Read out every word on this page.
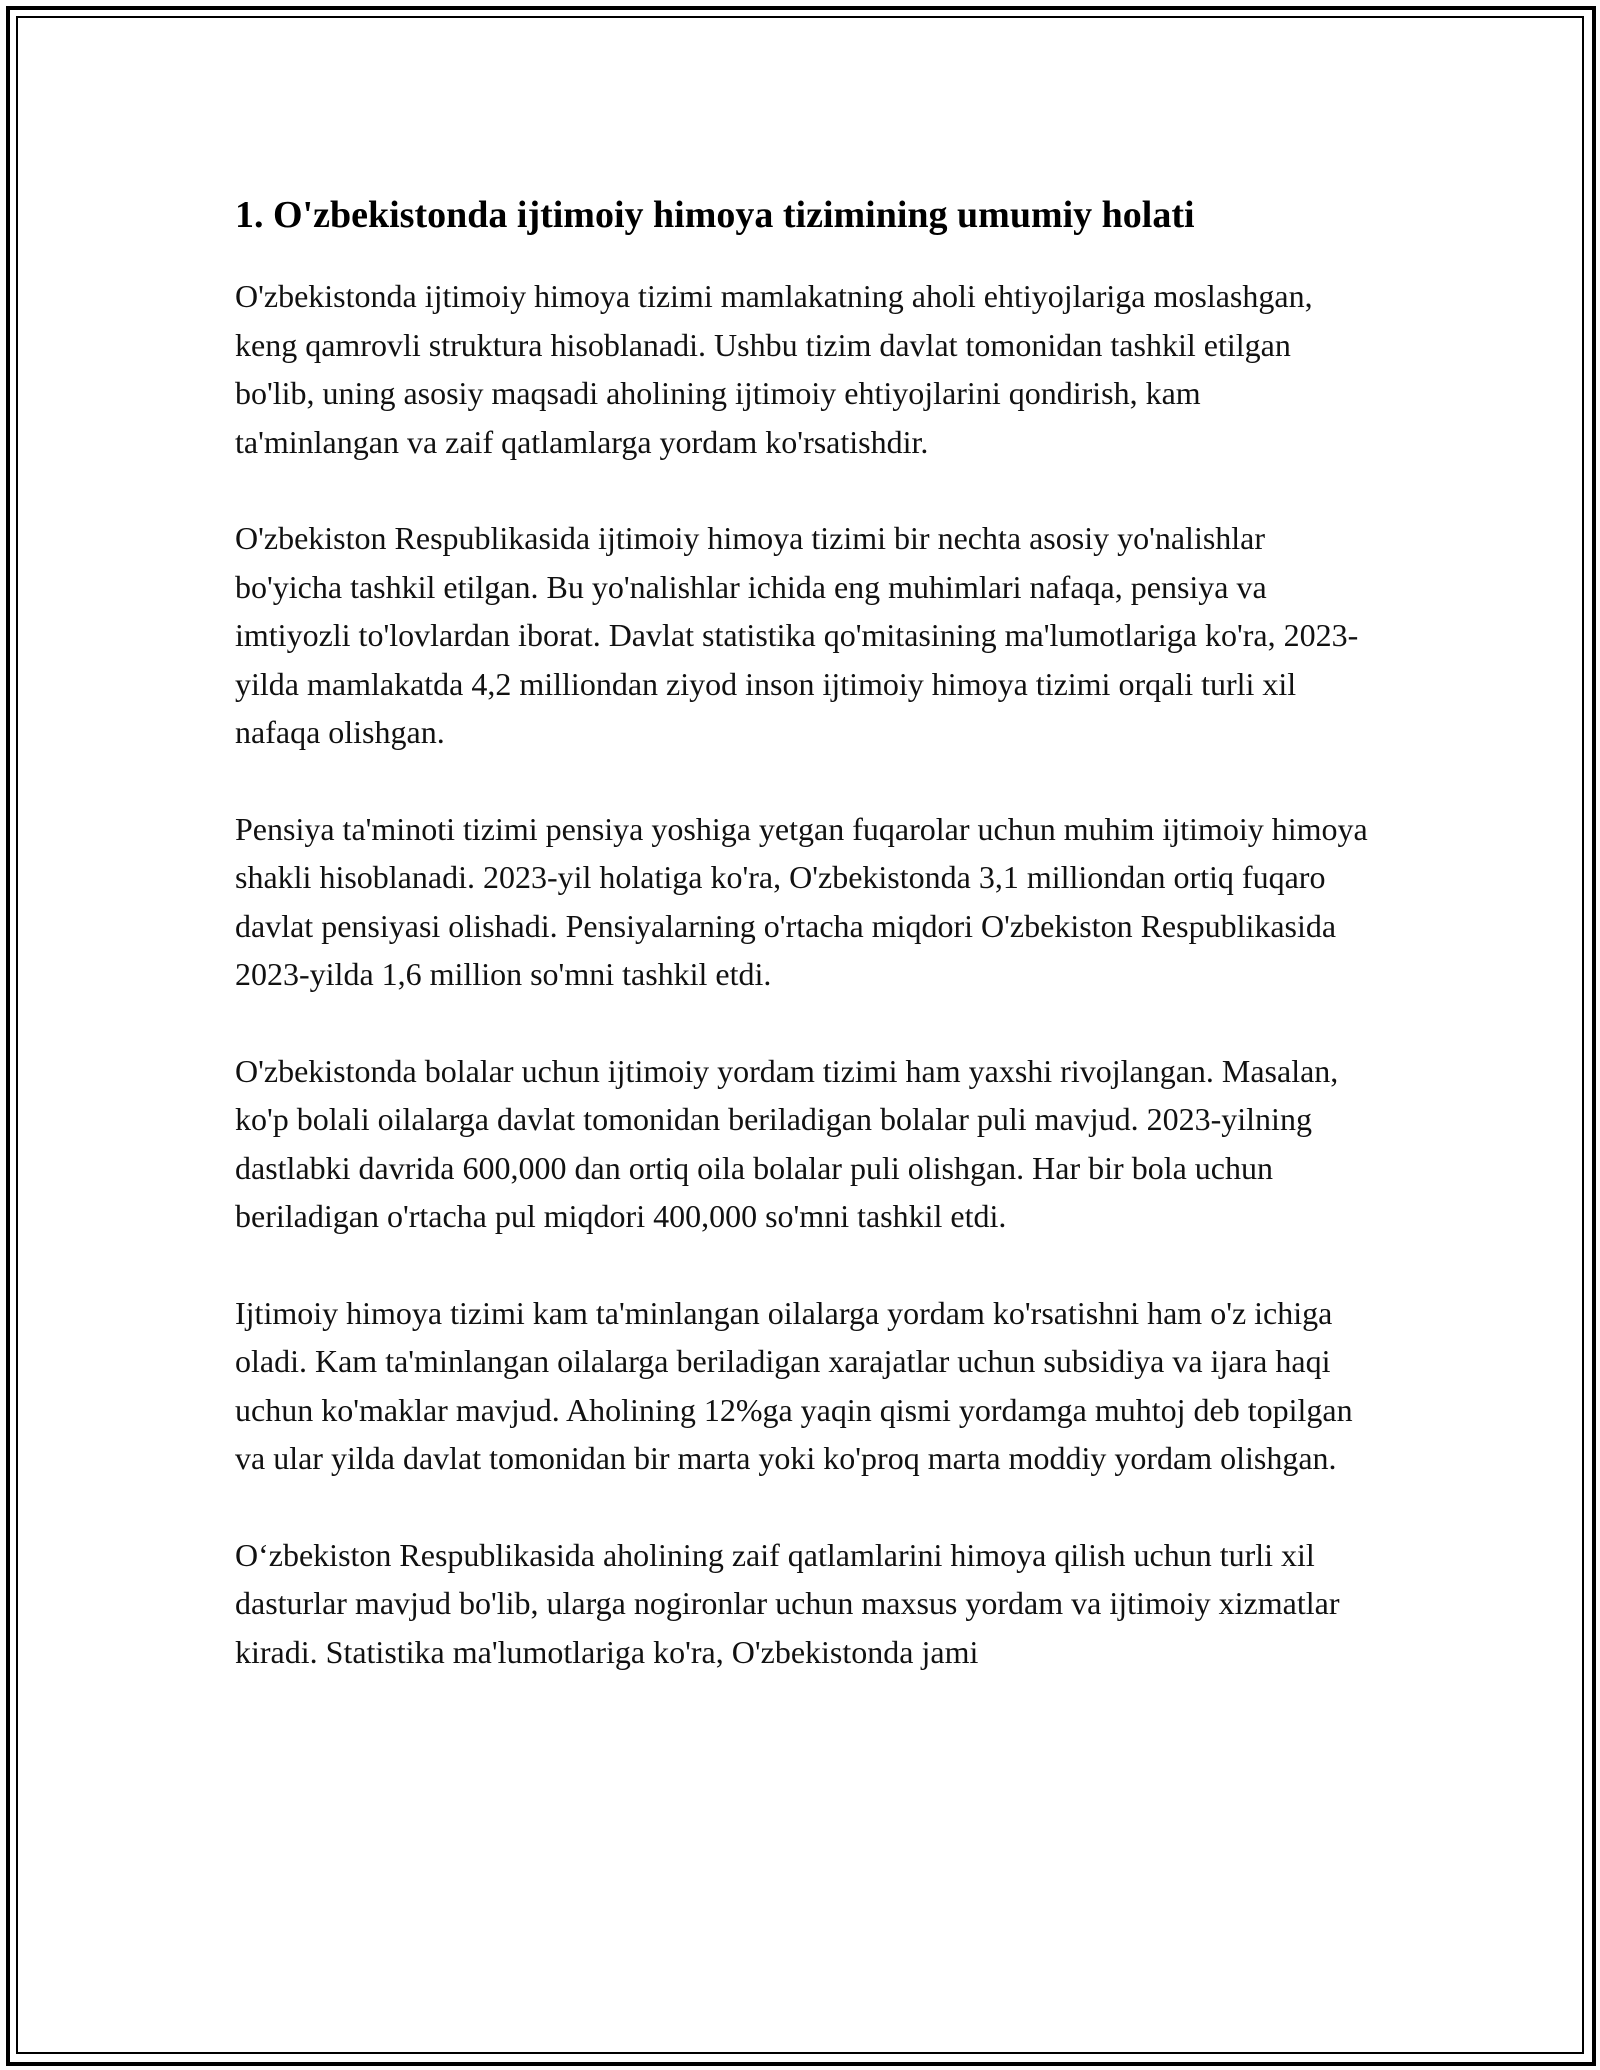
1. O'zbekistonda ijtimoiy himoya tizimining umumiy holati

O'zbekistonda ijtimoiy himoya tizimi mamlakatning aholi ehtiyojlariga moslashgan, keng qamrovli struktura hisoblanadi. Ushbu tizim davlat tomonidan tashkil etilgan bo'lib, uning asosiy maqsadi aholining ijtimoiy ehtiyojlarini qondirish, kam ta'minlangan va zaif qatlamlarga yordam ko'rsatishdir.

O'zbekiston Respublikasida ijtimoiy himoya tizimi bir nechta asosiy yo'nalishlar bo'yicha tashkil etilgan. Bu yo'nalishlar ichida eng muhimlari nafaqa, pensiya va imtiyozli to'lovlardan iborat. Davlat statistika qo'mitasining ma'lumotlariga ko'ra, 2023-yilda mamlakatda 4,2 milliondan ziyod inson ijtimoiy himoya tizimi orqali turli xil nafaqa olishgan.

Pensiya ta'minoti tizimi pensiya yoshiga yetgan fuqarolar uchun muhim ijtimoiy himoya shakli hisoblanadi. 2023-yil holatiga ko'ra, O'zbekistonda 3,1 milliondan ortiq fuqaro davlat pensiyasi olishadi. Pensiyalarning o'rtacha miqdori O'zbekiston Respublikasida 2023-yilda 1,6 million so'mni tashkil etdi.

O'zbekistonda bolalar uchun ijtimoiy yordam tizimi ham yaxshi rivojlangan. Masalan, ko'p bolali oilalarga davlat tomonidan beriladigan bolalar puli mavjud. 2023-yilning dastlabki davrida 600,000 dan ortiq oila bolalar puli olishgan. Har bir bola uchun beriladigan o'rtacha pul miqdori 400,000 so'mni tashkil etdi.

Ijtimoiy himoya tizimi kam ta'minlangan oilalarga yordam ko'rsatishni ham o'z ichiga oladi. Kam ta'minlangan oilalarga beriladigan xarajatlar uchun subsidiya va ijara haqi uchun ko'maklar mavjud. Aholining 12%ga yaqin qismi yordamga muhtoj deb topilgan va ular yilda davlat tomonidan bir marta yoki ko'proq marta moddiy yordam olishgan.

O‘zbekiston Respublikasida aholining zaif qatlamlarini himoya qilish uchun turli xil dasturlar mavjud bo'lib, ularga nogironlar uchun maxsus yordam va ijtimoiy xizmatlar kiradi. Statistika ma'lumotlariga ko'ra, O'zbekistonda jami
